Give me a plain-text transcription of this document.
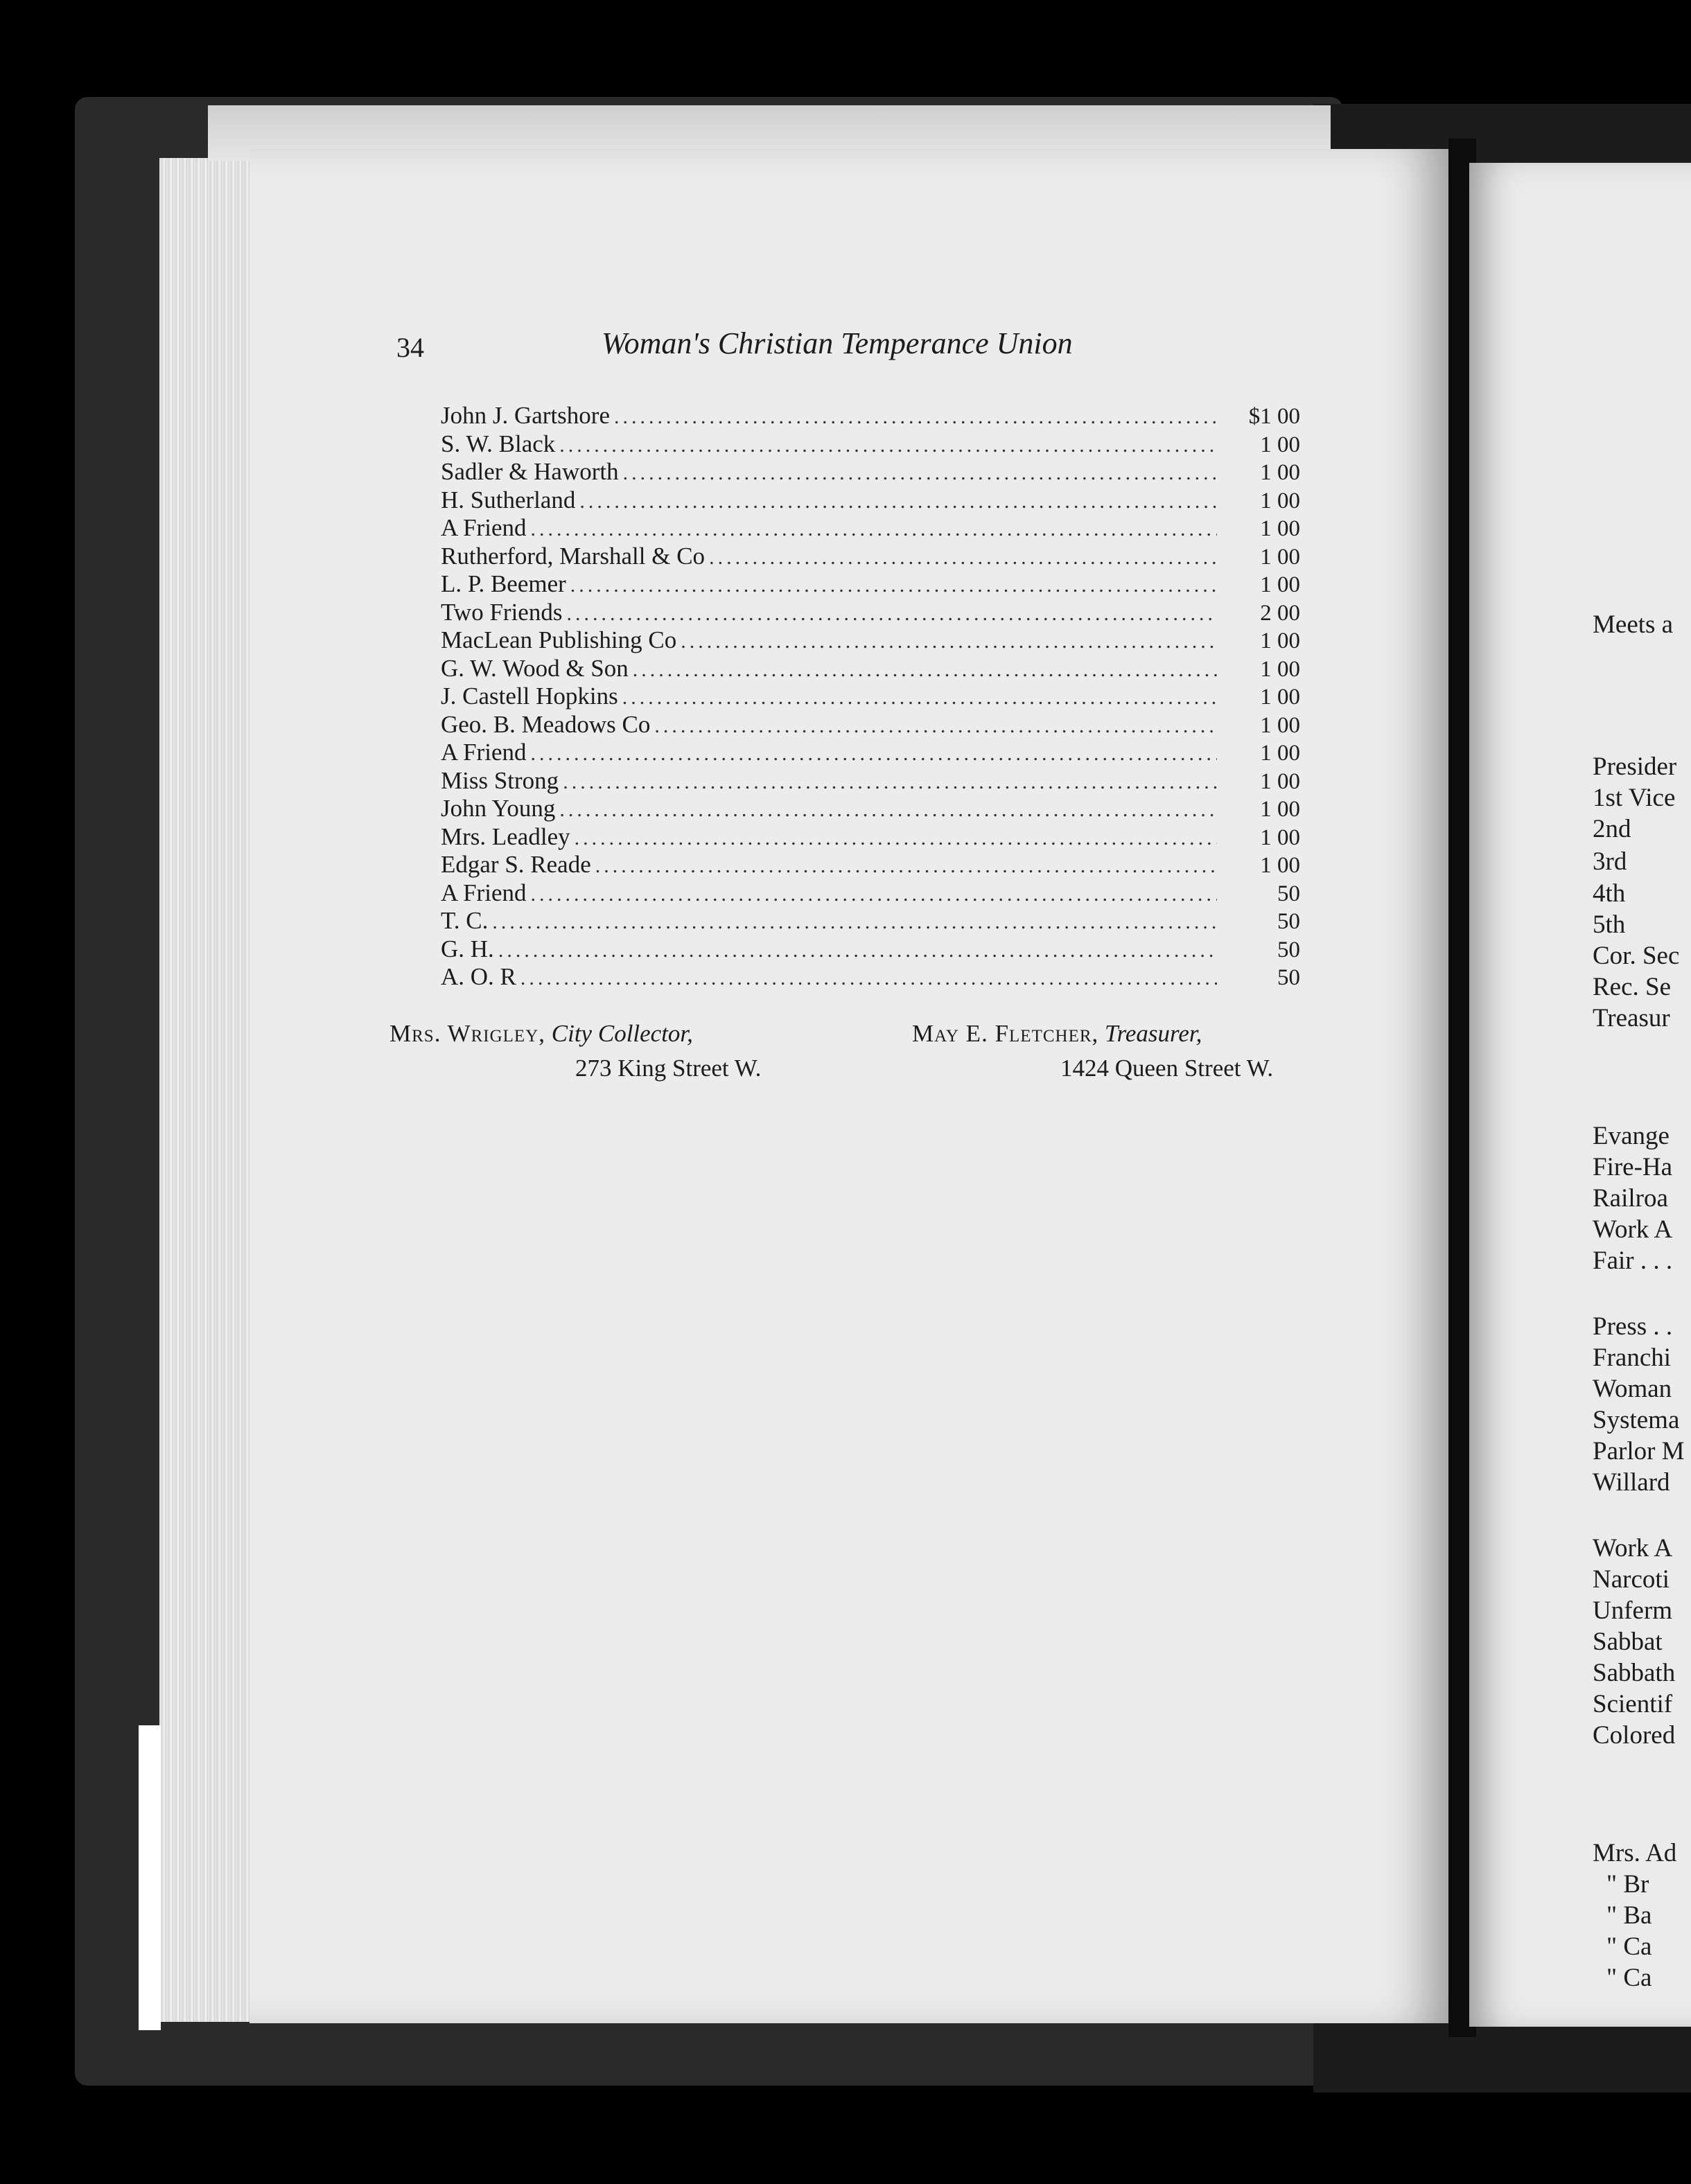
34	Woman's Christian Temperance Union
John J. Gartshore .....	$1 00
S. W. Black .....	1 00
Sadler & Haworth .....	1 00
H. Sutherland .....	1 00
A Friend .....	1 00
Rutherford, Marshall & Co .....	1 00
L. P. Beemer .....	1 00
Two Friends .....	2 00
MacLean Publishing Co .....	1 00
G. W. Wood & Son .....	1 00
J. Castell Hopkins .....	1 00
Geo. B. Meadows Co .....	1 00
A Friend .....	1 00
Miss Strong .....	1 00
John Young .....	1 00
Mrs. Leadley .....	1 00
Edgar S. Reade .....	1 00
A Friend .....	50
T. C. .....	50
G. H. .....	50
A. O. R .....	50
Mrs. Wrigley, City Collector,
273 King Street W.
May E. Fletcher, Treasurer,
1424 Queen Street W.
Meets a
Presider
1st Vice
2nd
3rd
4th
5th
Cor. Sec
Rec. Se
Treasur
Evange
Fire-Ha
Railroa
Work A
Fair . . .
Press . .
Franchi
Woman
Systema
Parlor M
Willard
Work A
Narcoti
Unferm
Sabbat
Sabbath
Scientif
Colored
Mrs. Ad
" Br
" Ba
" Ca
" Ca
